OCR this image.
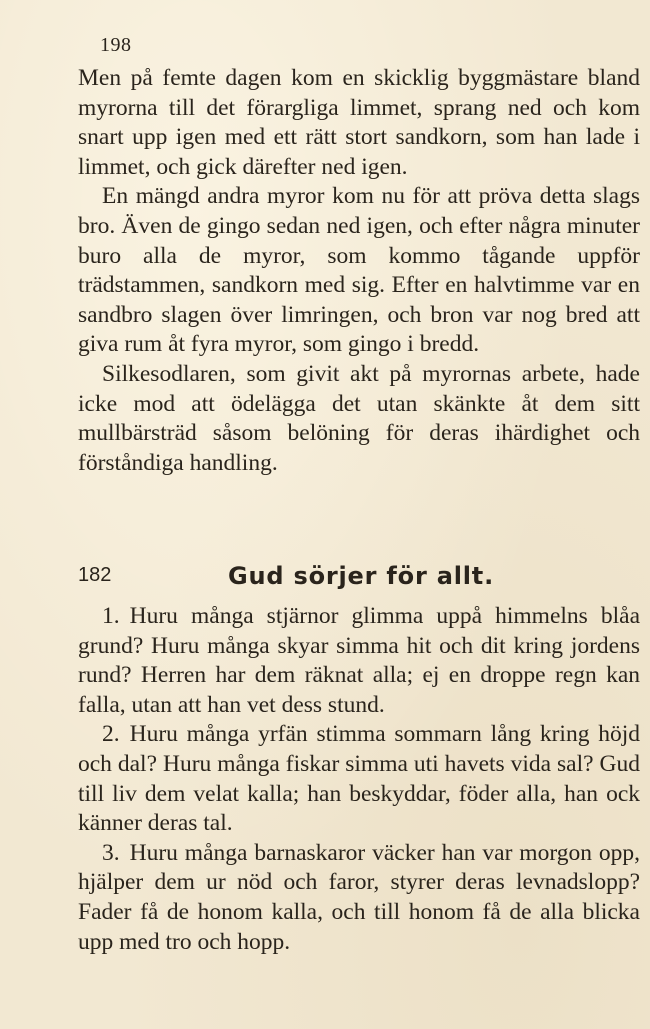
198

Men på femte dagen kom en skicklig byggmästare bland myrorna till det förargliga limmet, sprang ned och kom snart upp igen med ett rätt stort sandkorn, som han lade i limmet, och gick därefter ned igen.

En mängd andra myror kom nu för att pröva detta slags bro. Även de gingo sedan ned igen, och efter några minuter buro alla de myror, som kommo tågande uppför trädstammen, sandkorn med sig. Efter en halvtimme var en sandbro slagen över limringen, och bron var nog bred att giva rum åt fyra myror, som gingo i bredd.

Silkesodlaren, som givit akt på myrornas arbete, hade icke mod att ödelägga det utan skänkte åt dem sitt mullbärsträd såsom belöning för deras ihärdighet och förståndiga handling.

182	Gud sörjer för allt.

1. Huru många stjärnor glimma uppå himmelns blåa grund? Huru många skyar simma hit och dit kring jordens rund? Herren har dem räknat alla; ej en droppe regn kan falla, utan att han vet dess stund.

2. Huru många yrfän stimma sommarn lång kring höjd och dal? Huru många fiskar simma uti havets vida sal? Gud till liv dem velat kalla; han beskyddar, föder alla, han ock känner deras tal.

3. Huru många barnaskaror väcker han var morgon opp, hjälper dem ur nöd och faror, styrer deras levnadslopp? Fader få de honom kalla, och till honom få de alla blicka upp med tro och hopp.
